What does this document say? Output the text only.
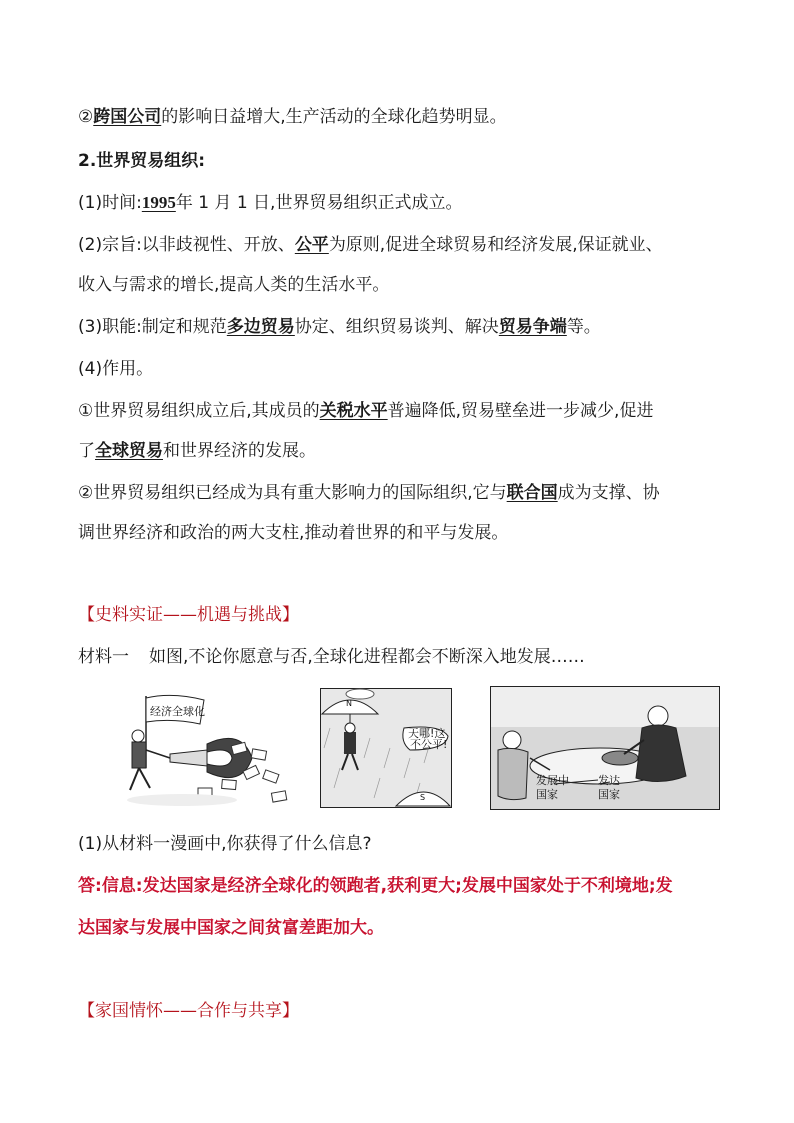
②跨国公司的影响日益增大,生产活动的全球化趋势明显。
2.世界贸易组织:
(1)时间:1995年 1 月 1 日,世界贸易组织正式成立。
(2)宗旨:以非歧视性、开放、公平为原则,促进全球贸易和经济发展,保证就业、
收入与需求的增长,提高人类的生活水平。
(3)职能:制定和规范多边贸易协定、组织贸易谈判、解决贸易争端等。
(4)作用。
①世界贸易组织成立后,其成员的关税水平普遍降低,贸易壁垒进一步减少,促进
了全球贸易和世界经济的发展。
②世界贸易组织已经成为具有重大影响力的国际组织,它与联合国成为支撑、协
调世界经济和政治的两大支柱,推动着世界的和平与发展。
【史料实证——机遇与挑战】
材料一 如图,不论你愿意与否,全球化进程都会不断深入地发展……
经济全球化
N
天哪!这
不公平!
S
发展中
国家
发达
国家
(1)从材料一漫画中,你获得了什么信息?
答:信息:发达国家是经济全球化的领跑者,获利更大;发展中国家处于不利境地;发
达国家与发展中国家之间贫富差距加大。
【家国情怀——合作与共享】
